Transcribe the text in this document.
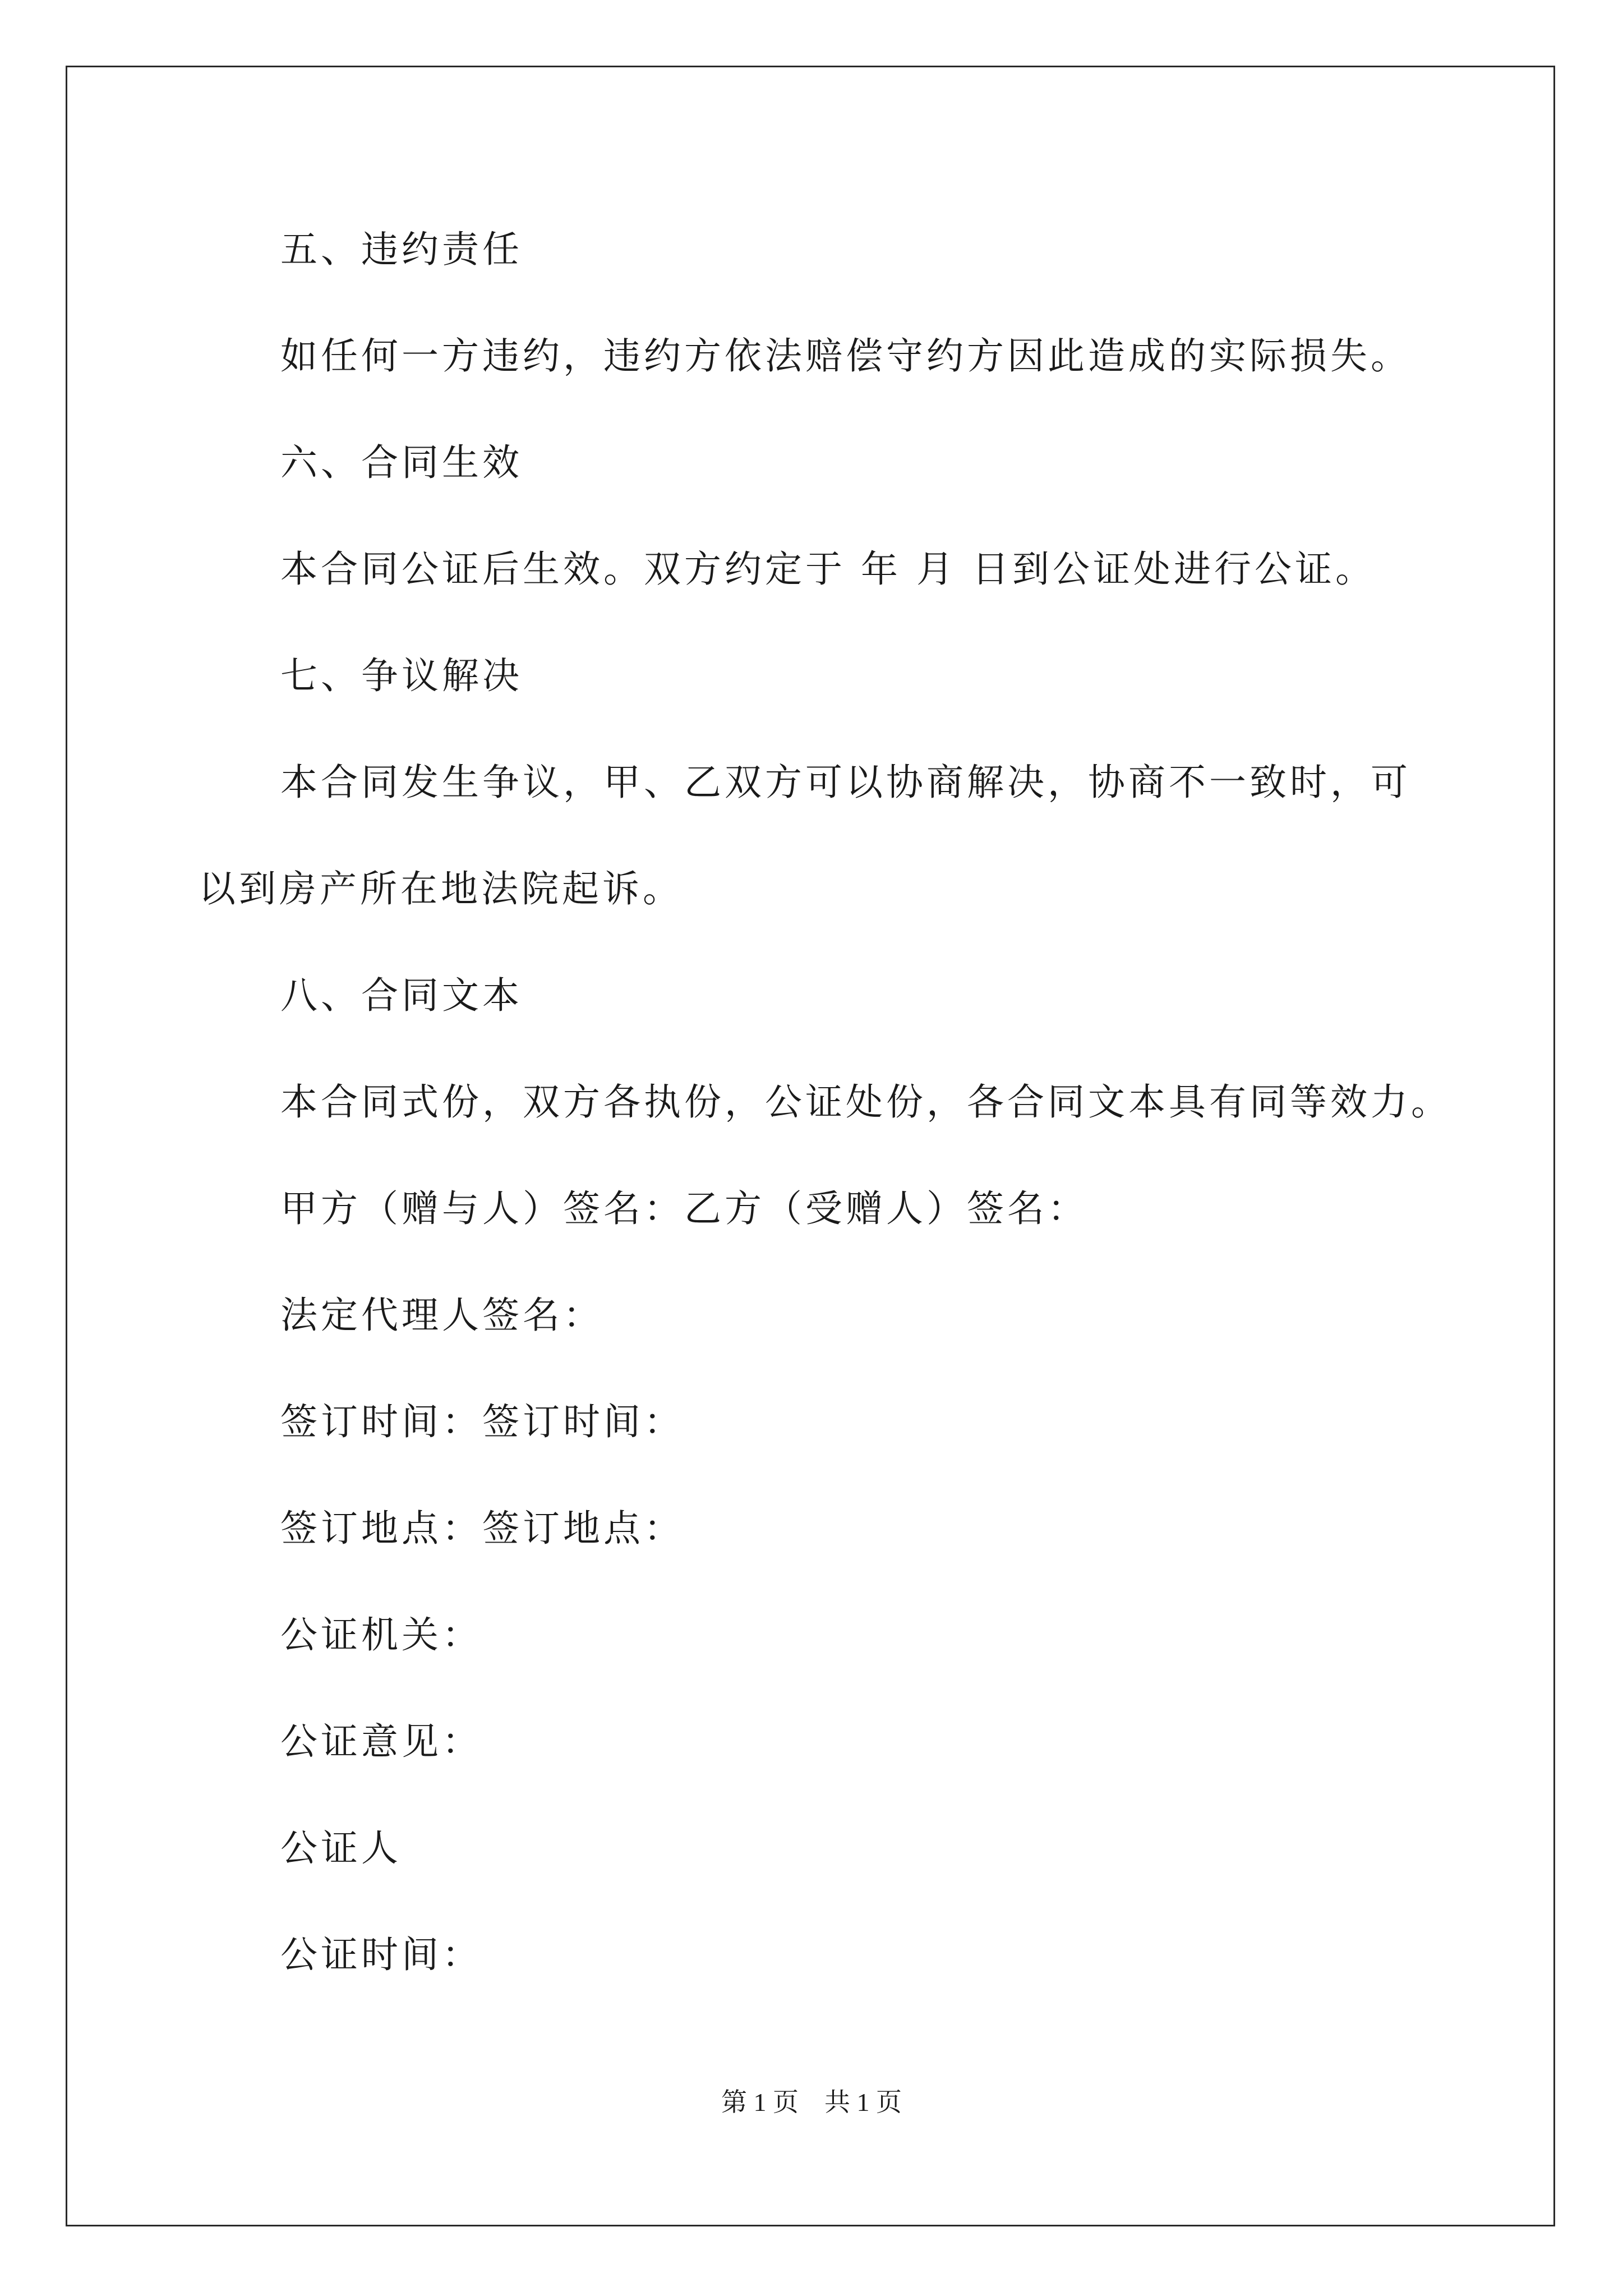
五、违约责任

如任何一方违约，违约方依法赔偿守约方因此造成的实际损失。

六、合同生效

本合同公证后生效。双方约定于 年 月 日到公证处进行公证。

七、争议解决

本合同发生争议，甲、乙双方可以协商解决，协商不一致时，可

以到房产所在地法院起诉。

八、合同文本

本合同式份，双方各执份，公证处份，各合同文本具有同等效力。

甲方（赠与人）签名：乙方（受赠人）签名：

法定代理人签名：

签订时间：签订时间：

签订地点：签订地点：

公证机关：

公证意见：

公证人

公证时间：

第 1 页    共 1 页
